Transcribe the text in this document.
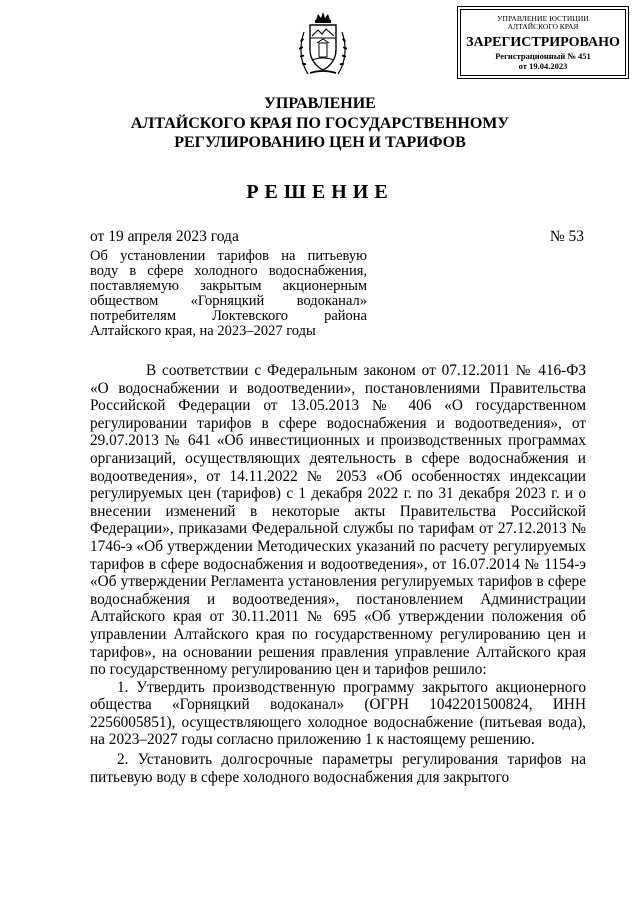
УПРАВЛЕНИЕ ЮСТИЦИИ
АЛТАЙСКОГО КРАЯ
ЗАРЕГИСТРИРОВАНО
Регистрационный № 451
от 19.04.2023
УПРАВЛЕНИЕ
АЛТАЙСКОГО КРАЯ ПО ГОСУДАРСТВЕННОМУ
РЕГУЛИРОВАНИЮ ЦЕН И ТАРИФОВ
РЕШЕНИЕ
от 19 апреля 2023 года	№ 53
Об установлении тарифов на питьевую
воду в сфере холодного водоснабжения,
поставляемую закрытым акционерным
обществом «Горняцкий водоканал»
потребителям Локтевского района
Алтайского края, на 2023–2027 годы

В соответствии с Федеральным законом от 07.12.2011 № 416-ФЗ «О водоснабжении и водоотведении», постановлениями Правительства Российской Федерации от 13.05.2013 № 406 «О государственном регулировании тарифов в сфере водоснабжения и водоотведения», от 29.07.2013 № 641 «Об инвестиционных и производственных программах организаций, осуществляющих деятельность в сфере водоснабжения и водоотведения», от 14.11.2022 № 2053 «Об особенностях индексации регулируемых цен (тарифов) с 1 декабря 2022 г. по 31 декабря 2023 г. и о внесении изменений в некоторые акты Правительства Российской Федерации», приказами Федеральной службы по тарифам от 27.12.2013 № 1746-э «Об утверждении Методических указаний по расчету регулируемых тарифов в сфере водоснабжения и водоотведения», от 16.07.2014 № 1154-э «Об утверждении Регламента установления регулируемых тарифов в сфере водоснабжения и водоотведения», постановлением Администрации Алтайского края от 30.11.2011 № 695 «Об утверждении положения об управлении Алтайского края по государственному регулированию цен и тарифов», на основании решения правления управление Алтайского края по государственному регулированию цен и тарифов решило:

1. Утвердить производственную программу закрытого акционерного общества «Горняцкий водоканал» (ОГРН 1042201500824, ИНН 2256005851), осуществляющего холодное водоснабжение (питьевая вода), на 2023–2027 годы согласно приложению 1 к настоящему решению.

2. Установить долгосрочные параметры регулирования тарифов на питьевую воду в сфере холодного водоснабжения для закрытого
